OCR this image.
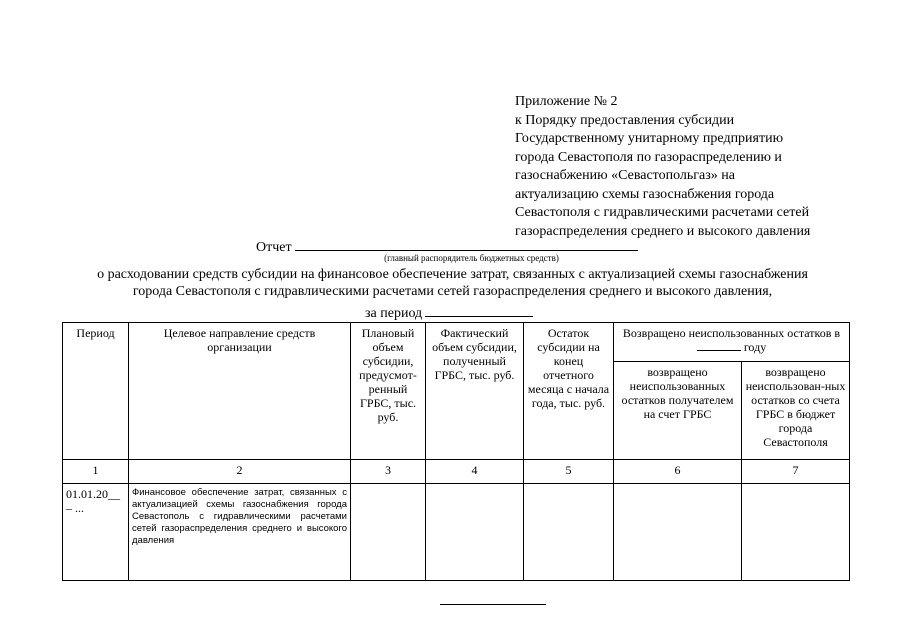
Приложение № 2
к Порядку предоставления субсидии
Государственному унитарному предприятию
города Севастополя по газораспределению и
газоснабжению «Севастопольгаз» на
актуализацию схемы газоснабжения города
Севастополя с гидравлическими расчетами сетей
газораспределения среднего и высокого давления
Отчет
(главный распорядитель бюджетных средств)
о расходовании средств субсидии на финансовое обеспечение затрат, связанных с актуализацией схемы газоснабжения
города Севастополя с гидравлическими расчетами сетей газораспределения среднего и высокого давления,
за период
Период	Целевое направление средств организации	Плановый объем субсидии, предусмот-ренный ГРБС, тыс. руб.	Фактический объем субсидии, полученный ГРБС, тыс. руб.	Остаток субсидии на конец отчетного месяца с начала года, тыс. руб.	Возвращено неиспользованных остатков в  году	
					возвращено неиспользованных остатков получателем на счет ГРБС	возвращено неиспользован-ных остатков со счета ГРБС в бюджет города Севастополя
1	2	3	4	5	6	7
01.01.20__ – ...	Финансовое обеспечение затрат, связанных с актуализацией схемы газоснабжения города Севастополь с гидравлическими расчетами сетей газораспределения среднего и высокого давления					
